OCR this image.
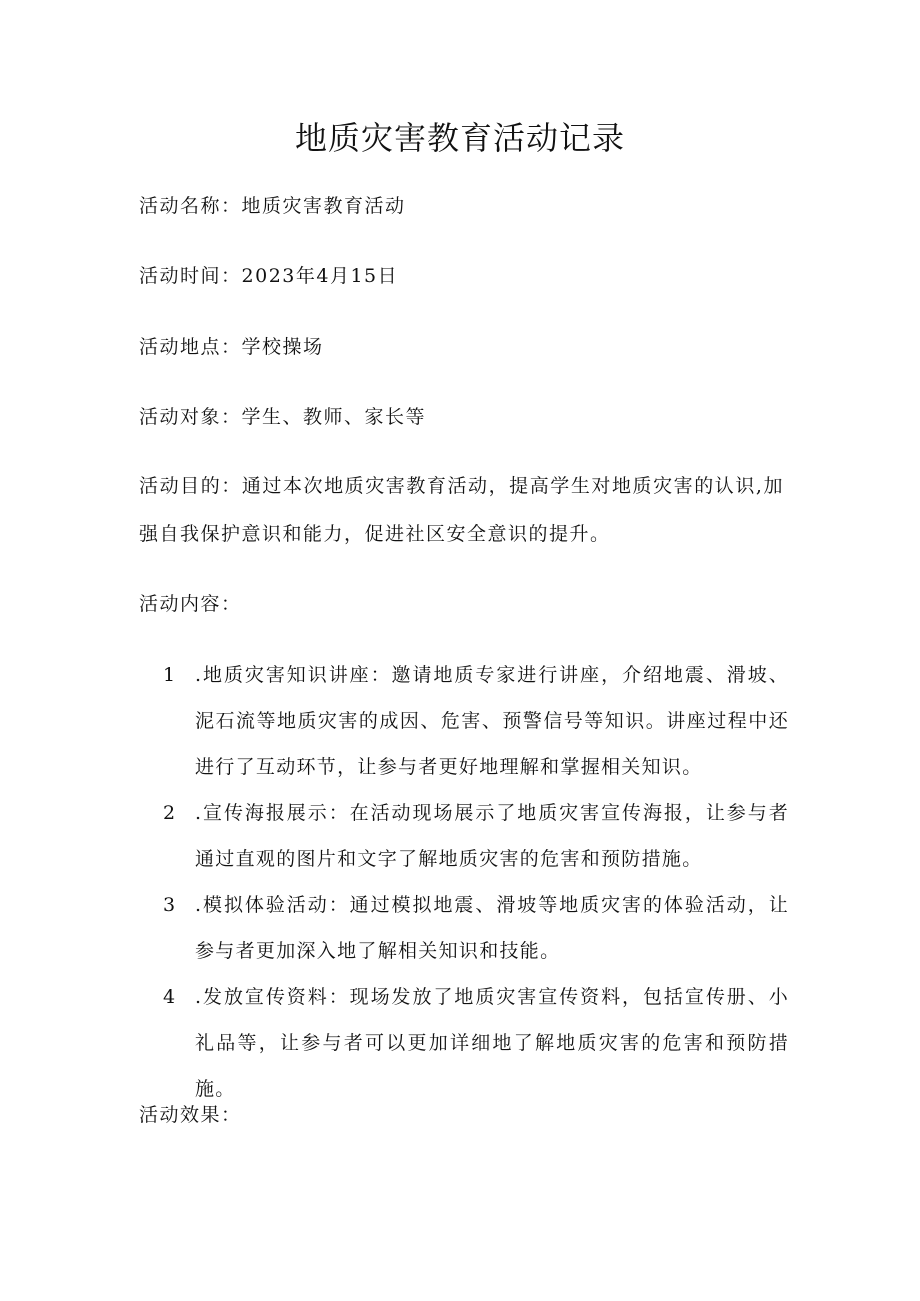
地质灾害教育活动记录

活动名称：地质灾害教育活动

活动时间：2023年4月15日

活动地点：学校操场

活动对象：学生、教师、家长等

活动目的：通过本次地质灾害教育活动，提高学生对地质灾害的认识,加强自我保护意识和能力，促进社区安全意识的提升。

活动内容：

1 .地质灾害知识讲座：邀请地质专家进行讲座，介绍地震、滑坡、泥石流等地质灾害的成因、危害、预警信号等知识。讲座过程中还进行了互动环节，让参与者更好地理解和掌握相关知识。
2 .宣传海报展示：在活动现场展示了地质灾害宣传海报，让参与者通过直观的图片和文字了解地质灾害的危害和预防措施。
3 .模拟体验活动：通过模拟地震、滑坡等地质灾害的体验活动，让参与者更加深入地了解相关知识和技能。
4 .发放宣传资料：现场发放了地质灾害宣传资料，包括宣传册、小礼品等，让参与者可以更加详细地了解地质灾害的危害和预防措施。

活动效果：
